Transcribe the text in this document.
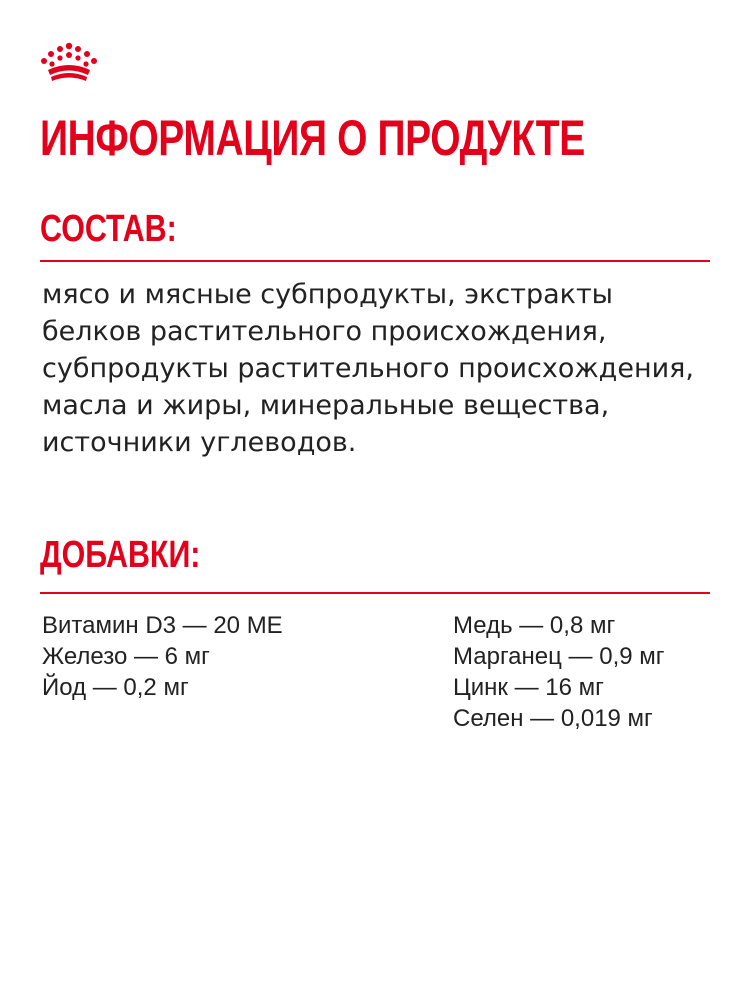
ИНФОРМАЦИЯ О ПРОДУКТЕ
СОСТАВ:
мясо и мясные субпродукты, экстракты белков растительного происхождения, субпродукты растительного происхождения, масла и жиры, минеральные вещества, источники углеводов.
ДОБАВКИ:
Витамин D3 — 20 МЕ
Железо — 6 мг
Йод — 0,2 мг
Медь — 0,8 мг
Марганец — 0,9 мг
Цинк — 16 мг
Селен — 0,019 мг
